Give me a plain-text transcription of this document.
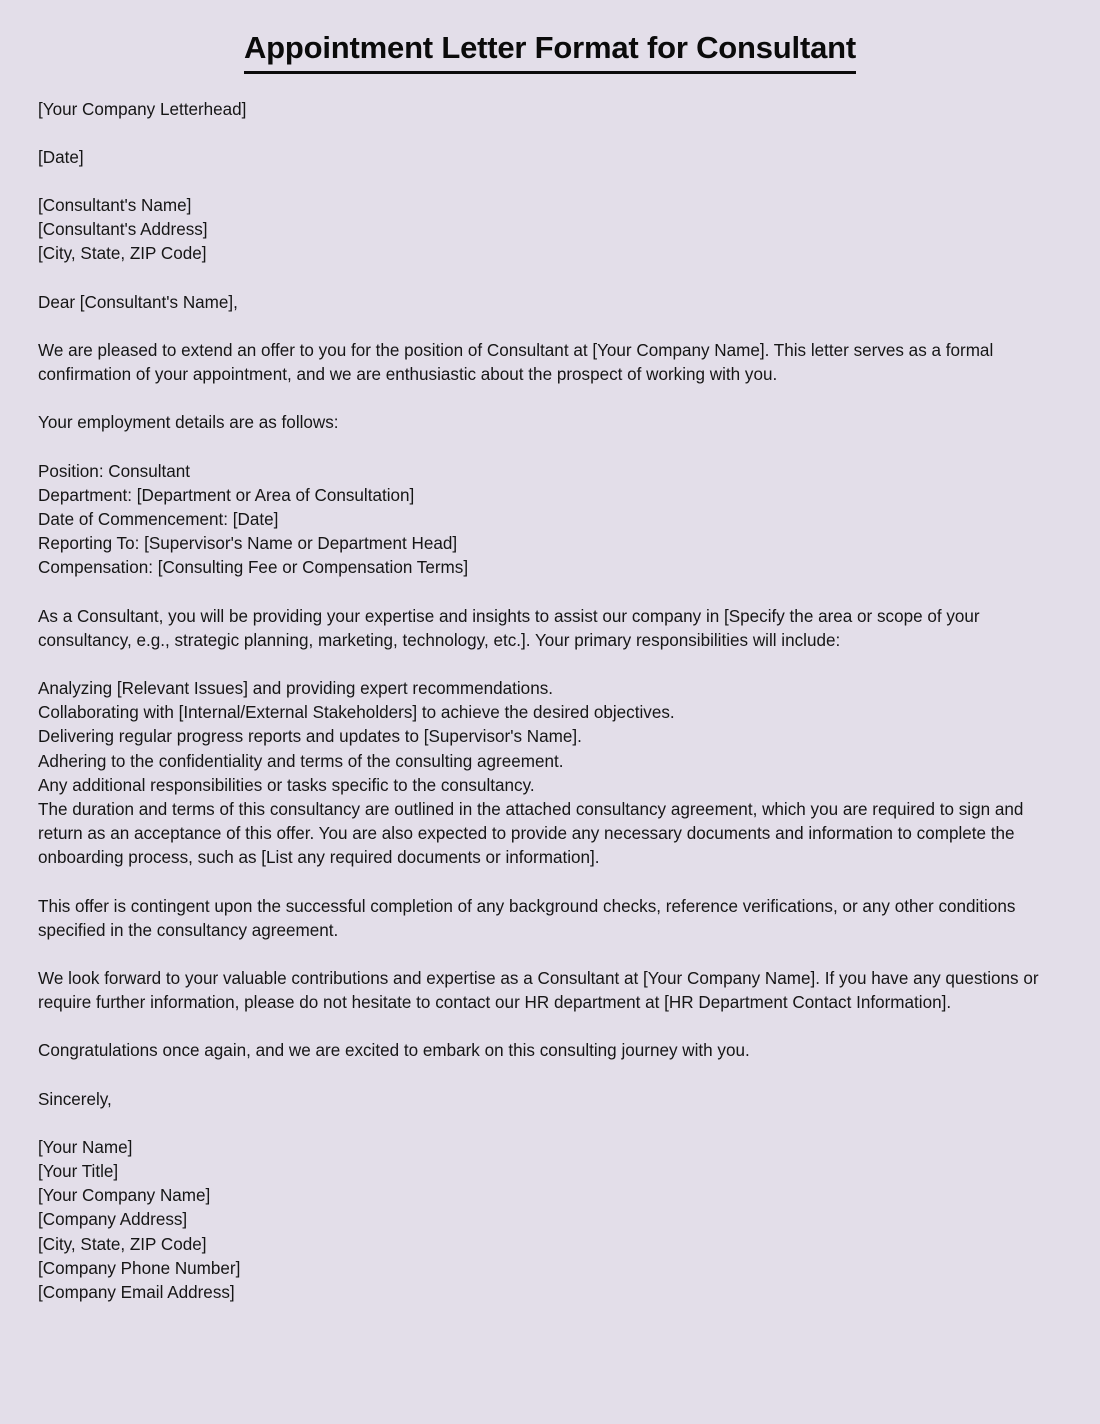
Appointment Letter Format for Consultant
[Your Company Letterhead]
[Date]
[Consultant's Name]
[Consultant's Address]
[City, State, ZIP Code]
Dear [Consultant's Name],
We are pleased to extend an offer to you for the position of Consultant at [Your Company Name]. This letter serves as a formal confirmation of your appointment, and we are enthusiastic about the prospect of working with you.
Your employment details are as follows:
Position: Consultant
Department: [Department or Area of Consultation]
Date of Commencement: [Date]
Reporting To: [Supervisor's Name or Department Head]
Compensation: [Consulting Fee or Compensation Terms]
As a Consultant, you will be providing your expertise and insights to assist our company in [Specify the area or scope of your consultancy, e.g., strategic planning, marketing, technology, etc.]. Your primary responsibilities will include:
Analyzing [Relevant Issues] and providing expert recommendations.
Collaborating with [Internal/External Stakeholders] to achieve the desired objectives.
Delivering regular progress reports and updates to [Supervisor's Name].
Adhering to the confidentiality and terms of the consulting agreement.
Any additional responsibilities or tasks specific to the consultancy.
The duration and terms of this consultancy are outlined in the attached consultancy agreement, which you are required to sign and return as an acceptance of this offer. You are also expected to provide any necessary documents and information to complete the onboarding process, such as [List any required documents or information].
This offer is contingent upon the successful completion of any background checks, reference verifications, or any other conditions specified in the consultancy agreement.
We look forward to your valuable contributions and expertise as a Consultant at [Your Company Name]. If you have any questions or require further information, please do not hesitate to contact our HR department at [HR Department Contact Information].
Congratulations once again, and we are excited to embark on this consulting journey with you.
Sincerely,
[Your Name]
[Your Title]
[Your Company Name]
[Company Address]
[City, State, ZIP Code]
[Company Phone Number]
[Company Email Address]
